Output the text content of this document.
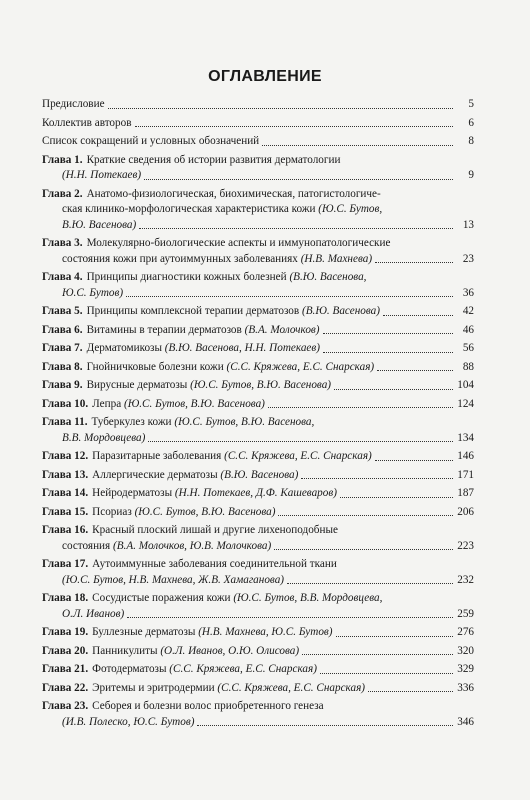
ОГЛАВЛЕНИЕ
Предисловие	5
Коллектив авторов	6
Список сокращений и условных обозначений	8
Глава 1. Краткие сведения об истории развития дерматологии
(Н.Н. Потекаев)	9
Глава 2. Анатомо-физиологическая, биохимическая, патогистологиче-
ская клинико-морфологическая характеристика кожи (Ю.С. Бутов,
В.Ю. Васенова)	13
Глава 3. Молекулярно-биологические аспекты и иммунопатологические
состояния кожи при аутоиммунных заболеваниях (Н.В. Махнева)	23
Глава 4. Принципы диагностики кожных болезней (В.Ю. Васенова,
Ю.С. Бутов)	36
Глава 5. Принципы комплексной терапии дерматозов (В.Ю. Васенова)	42
Глава 6. Витамины в терапии дерматозов (В.А. Молочков)	46
Глава 7. Дерматомикозы (В.Ю. Васенова, Н.Н. Потекаев)	56
Глава 8. Гнойничковые болезни кожи (С.С. Кряжева, Е.С. Снарская)	88
Глава 9. Вирусные дерматозы (Ю.С. Бутов, В.Ю. Васенова)	104
Глава 10. Лепра (Ю.С. Бутов, В.Ю. Васенова)	124
Глава 11. Туберкулез кожи (Ю.С. Бутов, В.Ю. Васенова,
В.В. Мордовцева)	134
Глава 12. Паразитарные заболевания (С.С. Кряжева, Е.С. Снарская)	146
Глава 13. Аллергические дерматозы (В.Ю. Васенова)	171
Глава 14. Нейродерматозы (Н.Н. Потекаев, Д.Ф. Кашеваров)	187
Глава 15. Псориаз (Ю.С. Бутов, В.Ю. Васенова)	206
Глава 16. Красный плоский лишай и другие лихеноподобные
состояния (В.А. Молочков, Ю.В. Молочкова)	223
Глава 17. Аутоиммунные заболевания соединительной ткани
(Ю.С. Бутов, Н.В. Махнева, Ж.В. Хамаганова)	232
Глава 18. Сосудистые поражения кожи (Ю.С. Бутов, В.В. Мордовцева,
О.Л. Иванов)	259
Глава 19. Буллезные дерматозы (Н.В. Махнева, Ю.С. Бутов)	276
Глава 20. Панникулиты (О.Л. Иванов, О.Ю. Олисова)	320
Глава 21. Фотодерматозы (С.С. Кряжева, Е.С. Снарская)	329
Глава 22. Эритемы и эритродермии (С.С. Кряжева, Е.С. Снарская)	336
Глава 23. Себорея и болезни волос приобретенного генеза
(И.В. Полеско, Ю.С. Бутов)	346
